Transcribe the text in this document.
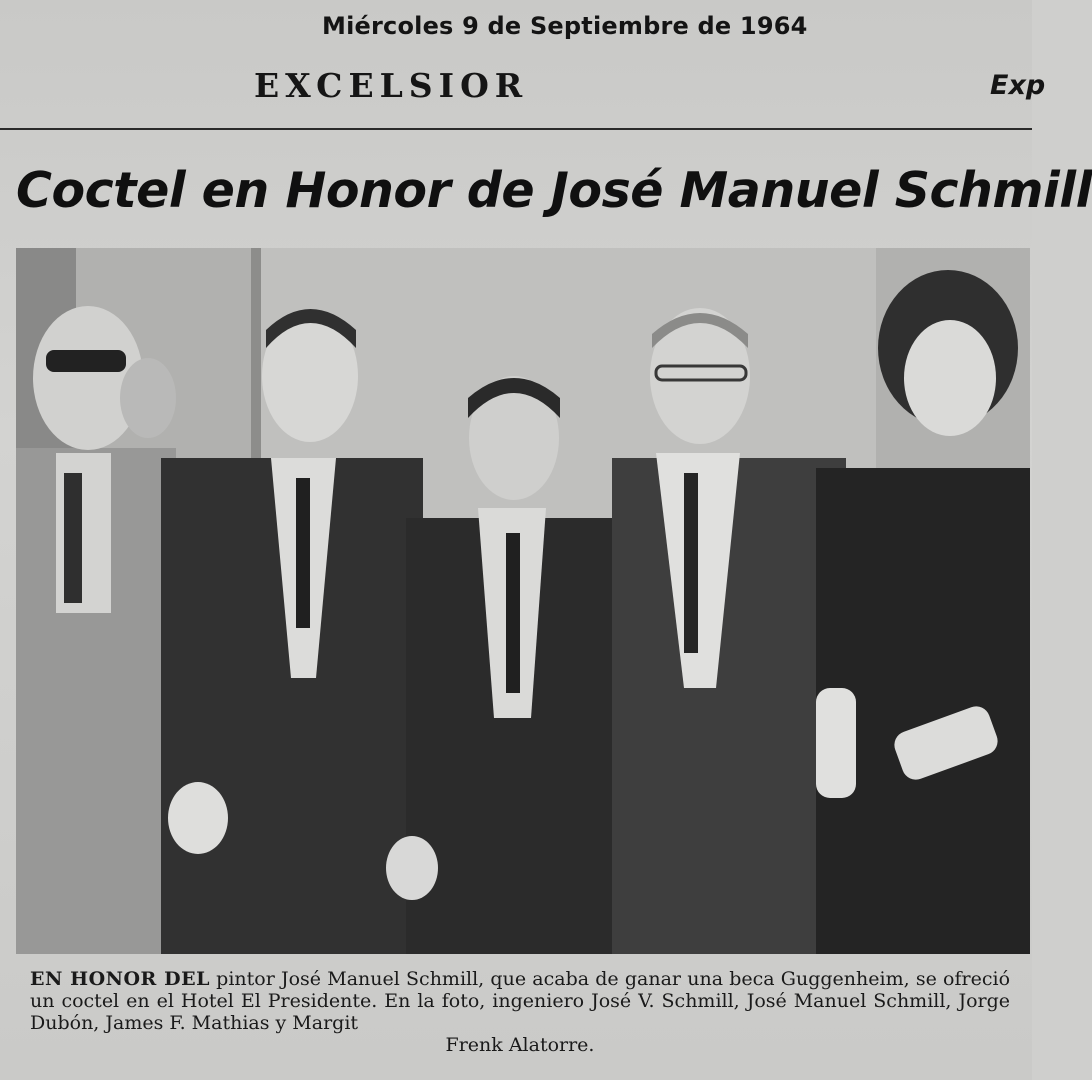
Miércoles 9 de Septiembre de 1964
EXCELSIOR	Exp
Coctel en Honor de José Manuel Schmill
EN HONOR DEL pintor José Manuel Schmill, que acaba de ganar una beca Guggenheim, se ofreció un coctel en el Hotel El Presidente. En la foto, ingeniero José V. Schmill, José Manuel Schmill, Jorge Dubón, James F. Mathias y Margit
Frenk Alatorre.
